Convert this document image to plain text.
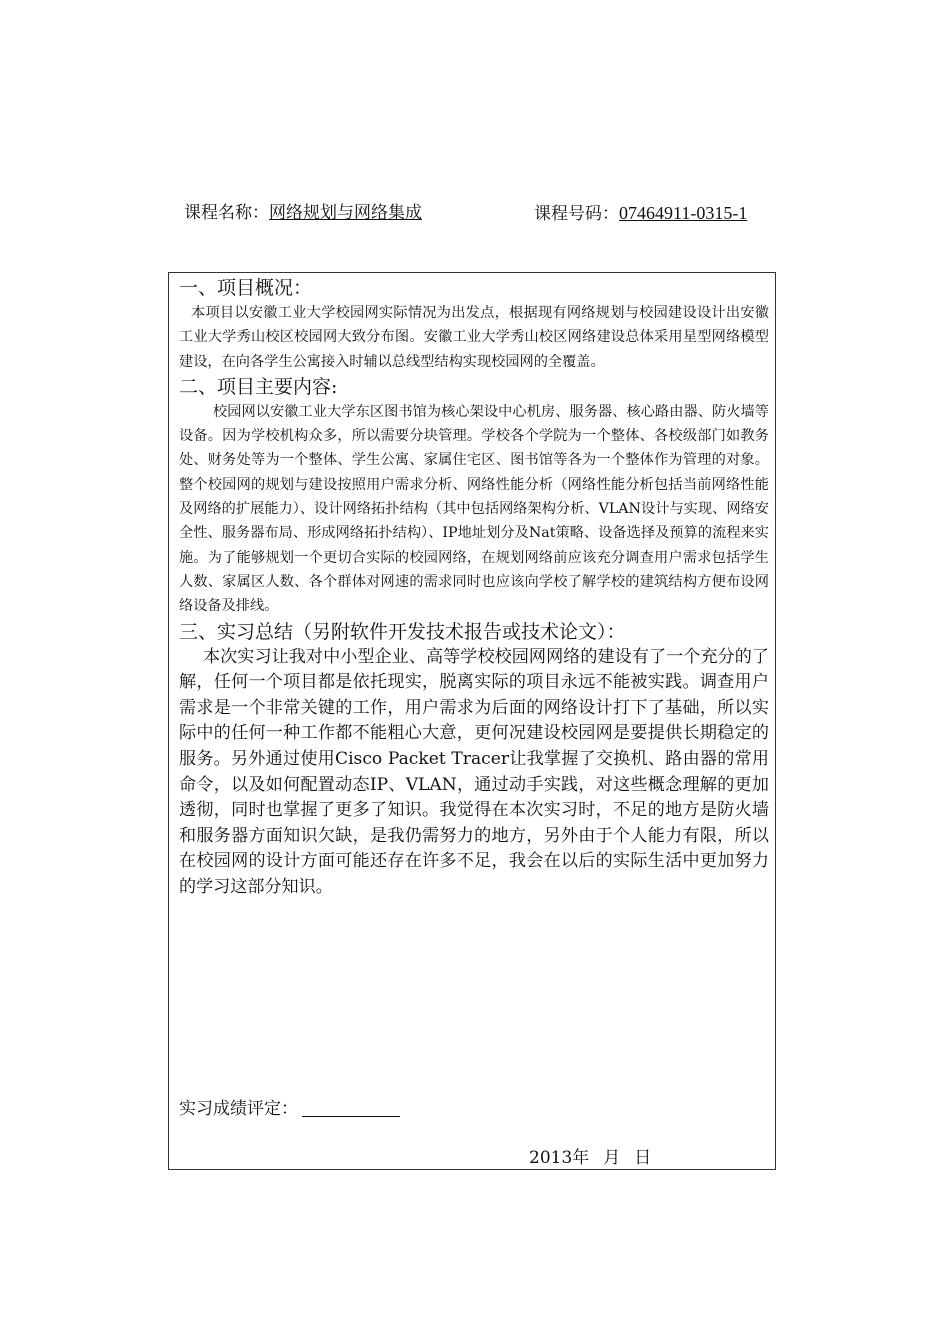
课程名称：网络规划与网络集成	课程号码：07464911-0315-1

一、项目概况：

本项目以安徽工业大学校园网实际情况为出发点，根据现有网络规划与校园建设设计出安徽工业大学秀山校区校园网大致分布图。安徽工业大学秀山校区网络建设总体采用星型网络模型建设，在向各学生公寓接入时辅以总线型结构实现校园网的全覆盖。

二、项目主要内容:

校园网以安徽工业大学东区图书馆为核心架设中心机房、服务器、核心路由器、防火墙等设备。因为学校机构众多，所以需要分块管理。学校各个学院为一个整体、各校级部门如教务处、财务处等为一个整体、学生公寓、家属住宅区、图书馆等各为一个整体作为管理的对象。整个校园网的规划与建设按照用户需求分析、网络性能分析（网络性能分析包括当前网络性能及网络的扩展能力）、设计网络拓扑结构（其中包括网络架构分析、VLAN设计与实现、网络安全性、服务器布局、形成网络拓扑结构）、IP地址划分及Nat策略、设备选择及预算的流程来实施。为了能够规划一个更切合实际的校园网络，在规划网络前应该充分调查用户需求包括学生人数、家属区人数、各个群体对网速的需求同时也应该向学校了解学校的建筑结构方便布设网络设备及排线。

三、实习总结（另附软件开发技术报告或技术论文）：

本次实习让我对中小型企业、高等学校校园网网络的建设有了一个充分的了解，任何一个项目都是依托现实，脱离实际的项目永远不能被实践。调查用户需求是一个非常关键的工作，用户需求为后面的网络设计打下了基础，所以实际中的任何一种工作都不能粗心大意，更何况建设校园网是要提供长期稳定的服务。另外通过使用Cisco Packet Tracer让我掌握了交换机、路由器的常用命令，以及如何配置动态IP、VLAN，通过动手实践，对这些概念理解的更加透彻，同时也掌握了更多了知识。我觉得在本次实习时，不足的地方是防火墙和服务器方面知识欠缺，是我仍需努力的地方，另外由于个人能力有限，所以在校园网的设计方面可能还存在许多不足，我会在以后的实际生活中更加努力的学习这部分知识。

实习成绩评定：
2013年 月 日
